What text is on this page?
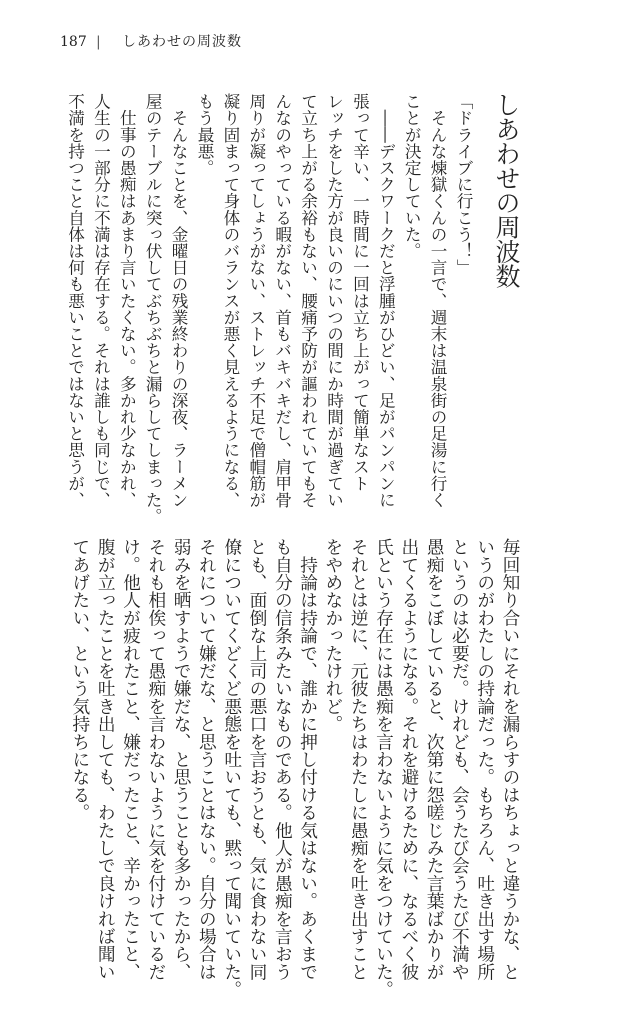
187 | しあわせの周波数
しあわせの周波数
「ドライブに行こう！」
　そんな煉獄くんの一言で、週末は温泉街の足湯に行く
ことが決定していた。
　――デスクワークだと浮腫がひどい、足がパンパンに
張って辛い、一時間に一回は立ち上がって簡単なスト
レッチをした方が良いのにいつの間にか時間が過ぎてい
て立ち上がる余裕もない、腰痛予防が謳われていてもそ
んなのやっている暇がない、首もバキバキだし、肩甲骨
周りが凝ってしょうがない、ストレッチ不足で僧帽筋が
凝り固まって身体のバランスが悪く見えるようになる、
もう最悪。
　そんなことを、金曜日の残業終わりの深夜、ラーメン
屋のテーブルに突っ伏してぶちぶちと漏らしてしまった。
　仕事の愚痴はあまり言いたくない。多かれ少なかれ、
人生の一部分に不満は存在する。それは誰しも同じで、
不満を持つこと自体は何も悪いことではないと思うが、
毎回知り合いにそれを漏らすのはちょっと違うかな、と
いうのがわたしの持論だった。もちろん、吐き出す場所
というのは必要だ。けれども、会うたび会うたび不満や
愚痴をこぼしていると、次第に怨嗟じみた言葉ばかりが
出てくるようになる。それを避けるために、なるべく彼
氏という存在には愚痴を言わないように気をつけていた。
それとは逆に、元彼たちはわたしに愚痴を吐き出すこと
をやめなかったけれど。
　持論は持論で、誰かに押し付ける気はない。あくまで
も自分の信条みたいなものである。他人が愚痴を言おう
とも、面倒な上司の悪口を言おうとも、気に食わない同
僚についてくどくど悪態を吐いても、黙って聞いていた。
それについて嫌だな、と思うことはない。自分の場合は
弱みを晒すようで嫌だな、と思うことも多かったから、
それも相俟って愚痴を言わないように気を付けているだ
け。他人が疲れたこと、嫌だったこと、辛かったこと、
腹が立ったことを吐き出しても、わたしで良ければ聞い
てあげたい、という気持ちになる。
